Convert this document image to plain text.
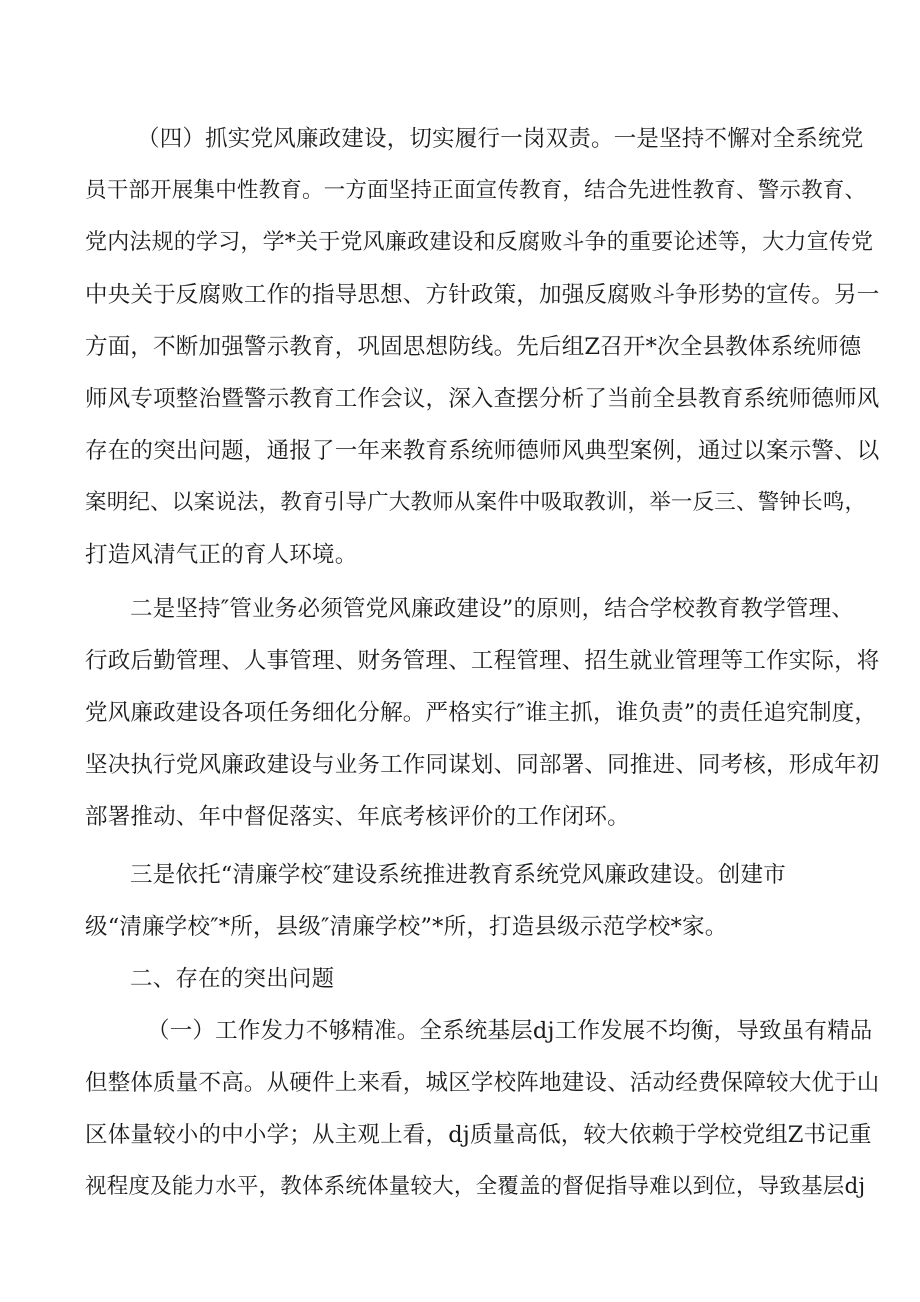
（四）抓实党风廉政建设，切实履行一岗双责。一是坚持不懈对全系统党
员干部开展集中性教育。一方面坚持正面宣传教育，结合先进性教育、警示教育、
党内法规的学习，学*关于党风廉政建设和反腐败斗争的重要论述等，大力宣传党
中央关于反腐败工作的指导思想、方针政策，加强反腐败斗争形势的宣传。另一
方面，不断加强警示教育，巩固思想防线。先后组Z召开*次全县教体系统师德
师风专项整治暨警示教育工作会议，深入查摆分析了当前全县教育系统师德师风
存在的突出问题，通报了一年来教育系统师德师风典型案例，通过以案示警、以
案明纪、以案说法，教育引导广大教师从案件中吸取教训，举一反三、警钟长鸣，
打造风清气正的育人环境。
二是坚持″管业务必须管党风廉政建设”的原则，结合学校教育教学管理、
行政后勤管理、人事管理、财务管理、工程管理、招生就业管理等工作实际，将
党风廉政建设各项任务细化分解。严格实行″谁主抓，谁负责”的责任追究制度，
坚决执行党风廉政建设与业务工作同谋划、同部署、同推进、同考核，形成年初
部署推动、年中督促落实、年底考核评价的工作闭环。
三是依托“清廉学校″建设系统推进教育系统党风廉政建设。创建市
级“清廉学校″*所，县级″清廉学校”*所，打造县级示范学校*家。
二、存在的突出问题
（一）工作发力不够精准。全系统基层dj工作发展不均衡，导致虽有精品
但整体质量不高。从硬件上来看，城区学校阵地建设、活动经费保障较大优于山
区体量较小的中小学；从主观上看，dj质量高低，较大依赖于学校党组Z书记重
视程度及能力水平，教体系统体量较大，全覆盖的督促指导难以到位，导致基层dj
